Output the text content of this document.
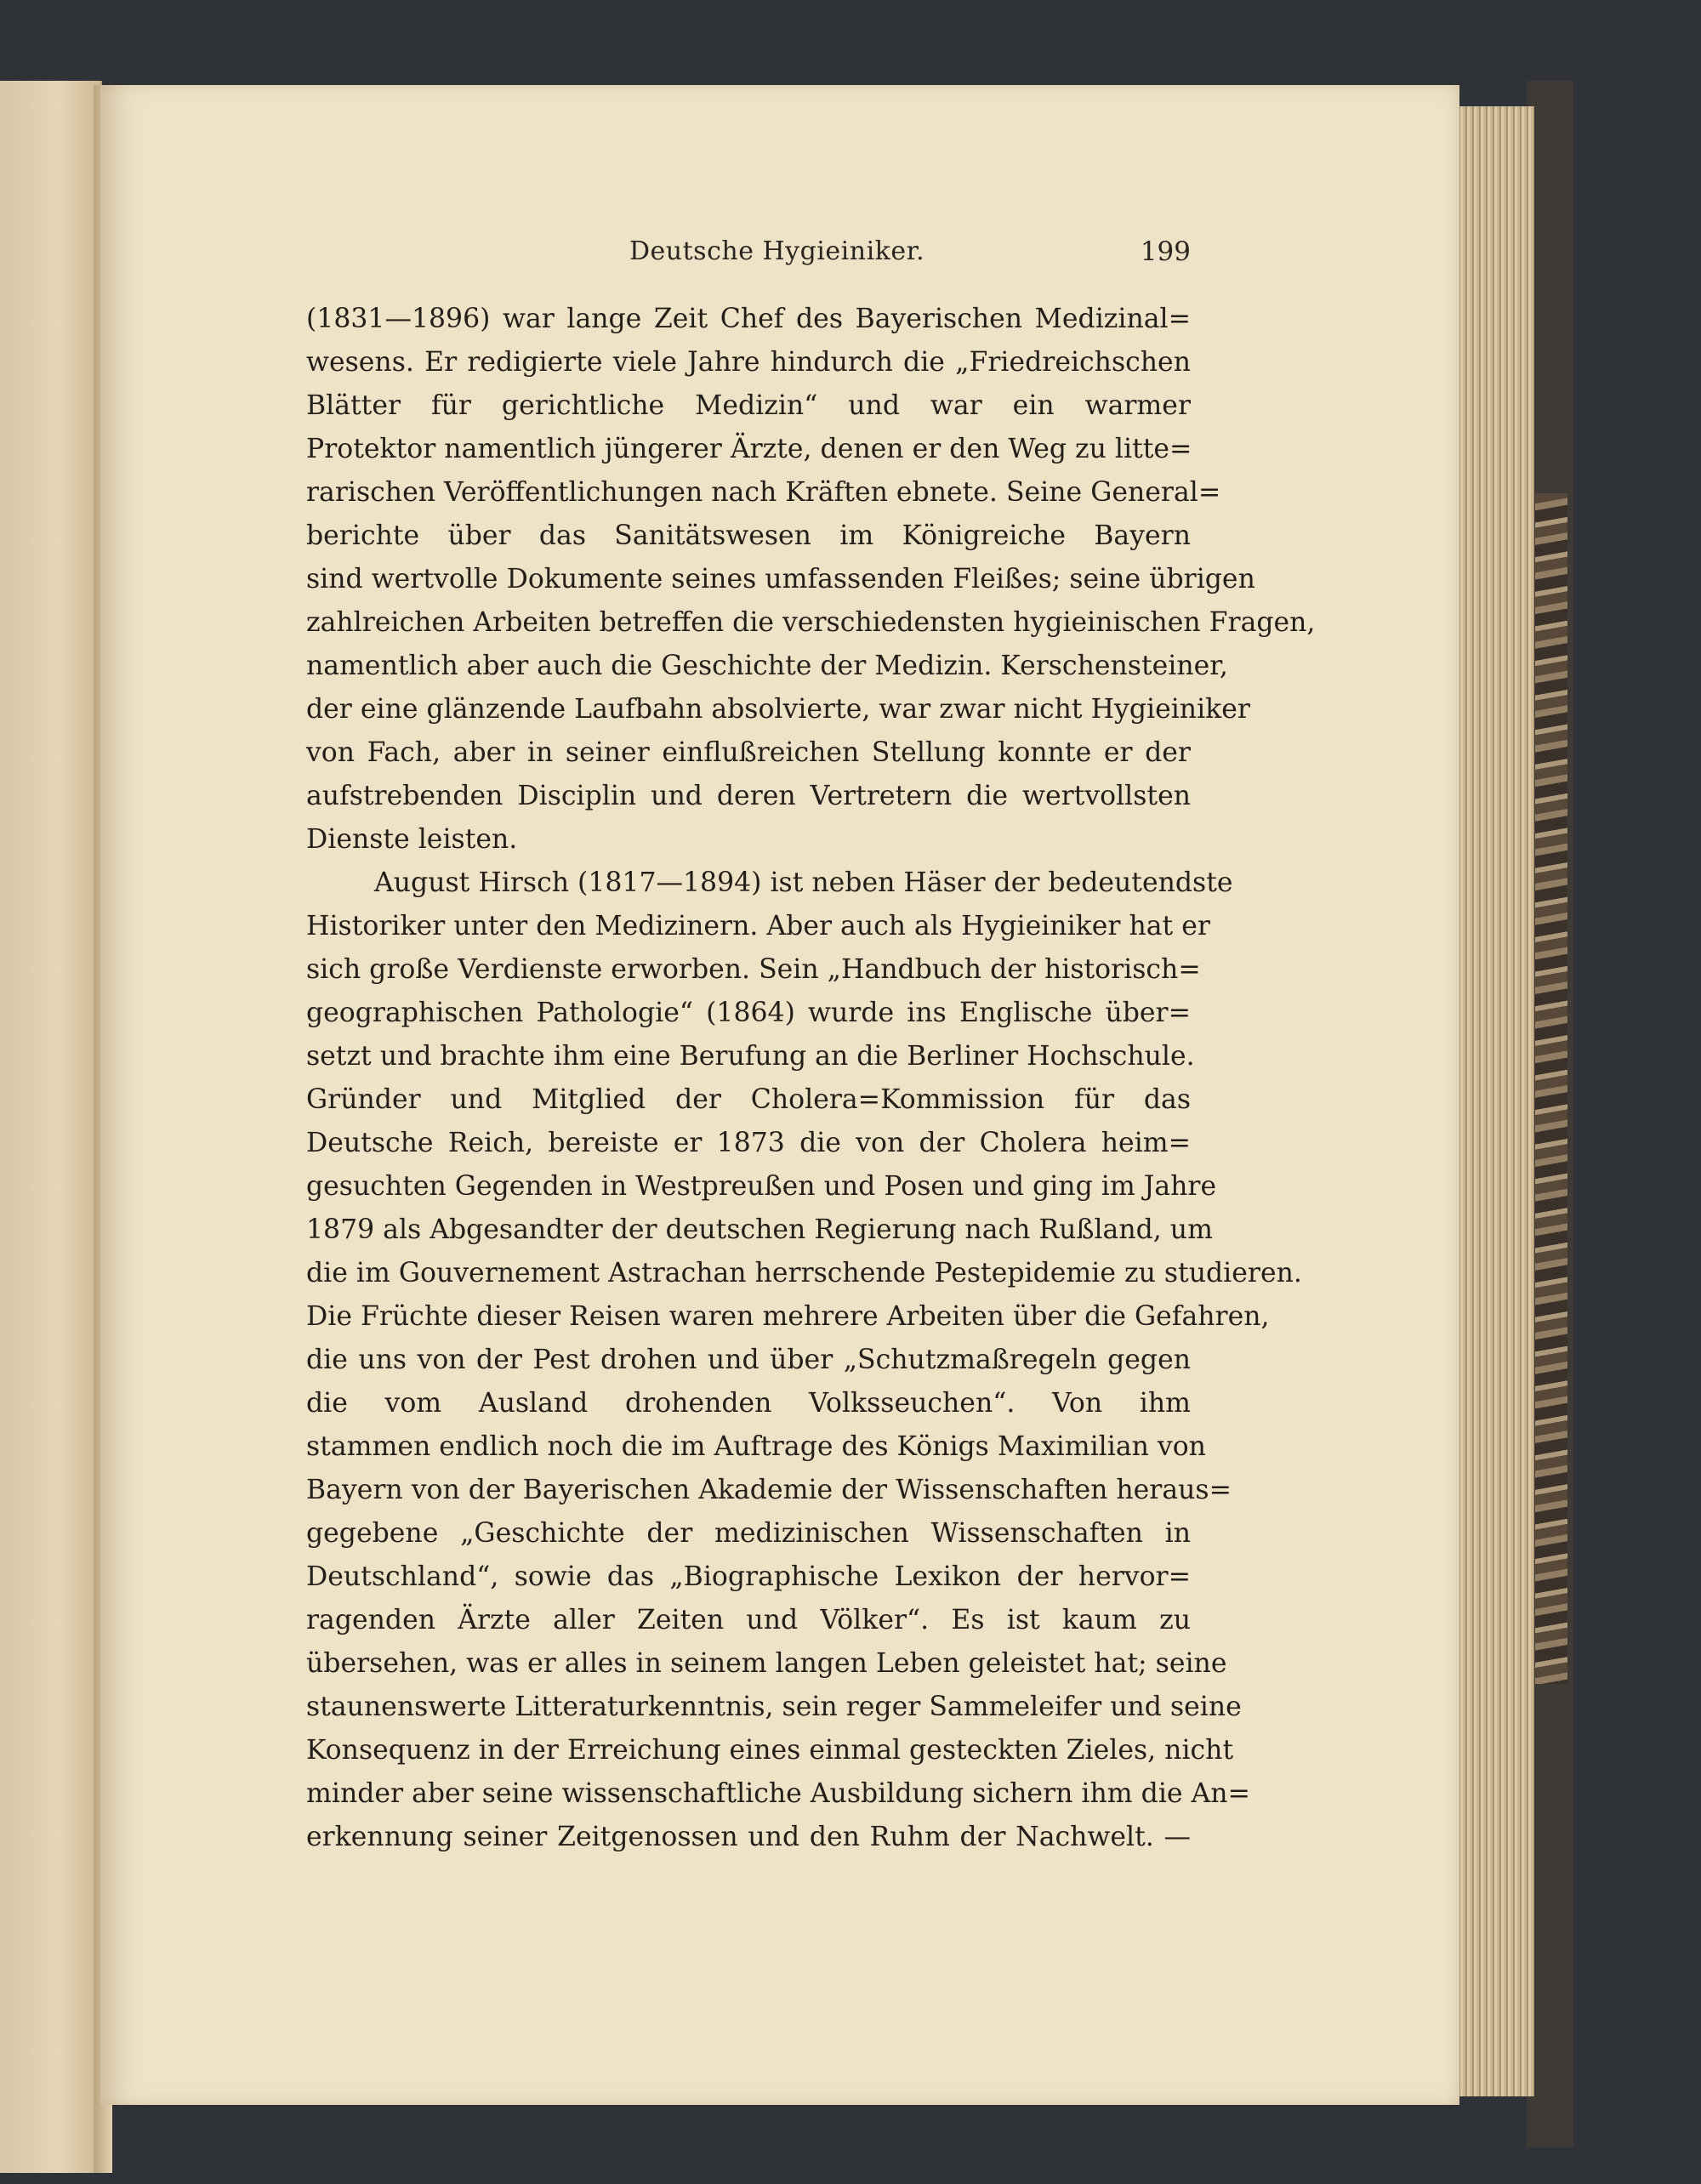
Deutsche Hygieiniker.	199
(1831—1896) war lange Zeit Chef des Bayerischen Medizinal=
wesens. Er redigierte viele Jahre hindurch die „Friedreichschen
Blätter für gerichtliche Medizin“ und war ein warmer
Protektor namentlich jüngerer Ärzte, denen er den Weg zu litte=
rarischen Veröffentlichungen nach Kräften ebnete. Seine General=
berichte über das Sanitätswesen im Königreiche Bayern
sind wertvolle Dokumente seines umfassenden Fleißes; seine übrigen
zahlreichen Arbeiten betreffen die verschiedensten hygieinischen Fragen,
namentlich aber auch die Geschichte der Medizin. Kerschensteiner,
der eine glänzende Laufbahn absolvierte, war zwar nicht Hygieiniker
von Fach, aber in seiner einflußreichen Stellung konnte er der
aufstrebenden Disciplin und deren Vertretern die wertvollsten
Dienste leisten.
August Hirsch (1817—1894) ist neben Häser der bedeutendste
Historiker unter den Medizinern. Aber auch als Hygieiniker hat er
sich große Verdienste erworben. Sein „Handbuch der historisch=
geographischen Pathologie“ (1864) wurde ins Englische über=
setzt und brachte ihm eine Berufung an die Berliner Hochschule.
Gründer und Mitglied der Cholera=Kommission für das
Deutsche Reich, bereiste er 1873 die von der Cholera heim=
gesuchten Gegenden in Westpreußen und Posen und ging im Jahre
1879 als Abgesandter der deutschen Regierung nach Rußland, um
die im Gouvernement Astrachan herrschende Pestepidemie zu studieren.
Die Früchte dieser Reisen waren mehrere Arbeiten über die Gefahren,
die uns von der Pest drohen und über „Schutzmaßregeln gegen
die vom Ausland drohenden Volksseuchen“. Von ihm
stammen endlich noch die im Auftrage des Königs Maximilian von
Bayern von der Bayerischen Akademie der Wissenschaften heraus=
gegebene „Geschichte der medizinischen Wissenschaften in
Deutschland“, sowie das „Biographische Lexikon der hervor=
ragenden Ärzte aller Zeiten und Völker“. Es ist kaum zu
übersehen, was er alles in seinem langen Leben geleistet hat; seine
staunenswerte Litteraturkenntnis, sein reger Sammeleifer und seine
Konsequenz in der Erreichung eines einmal gesteckten Zieles, nicht
minder aber seine wissenschaftliche Ausbildung sichern ihm die An=
erkennung seiner Zeitgenossen und den Ruhm der Nachwelt. —
